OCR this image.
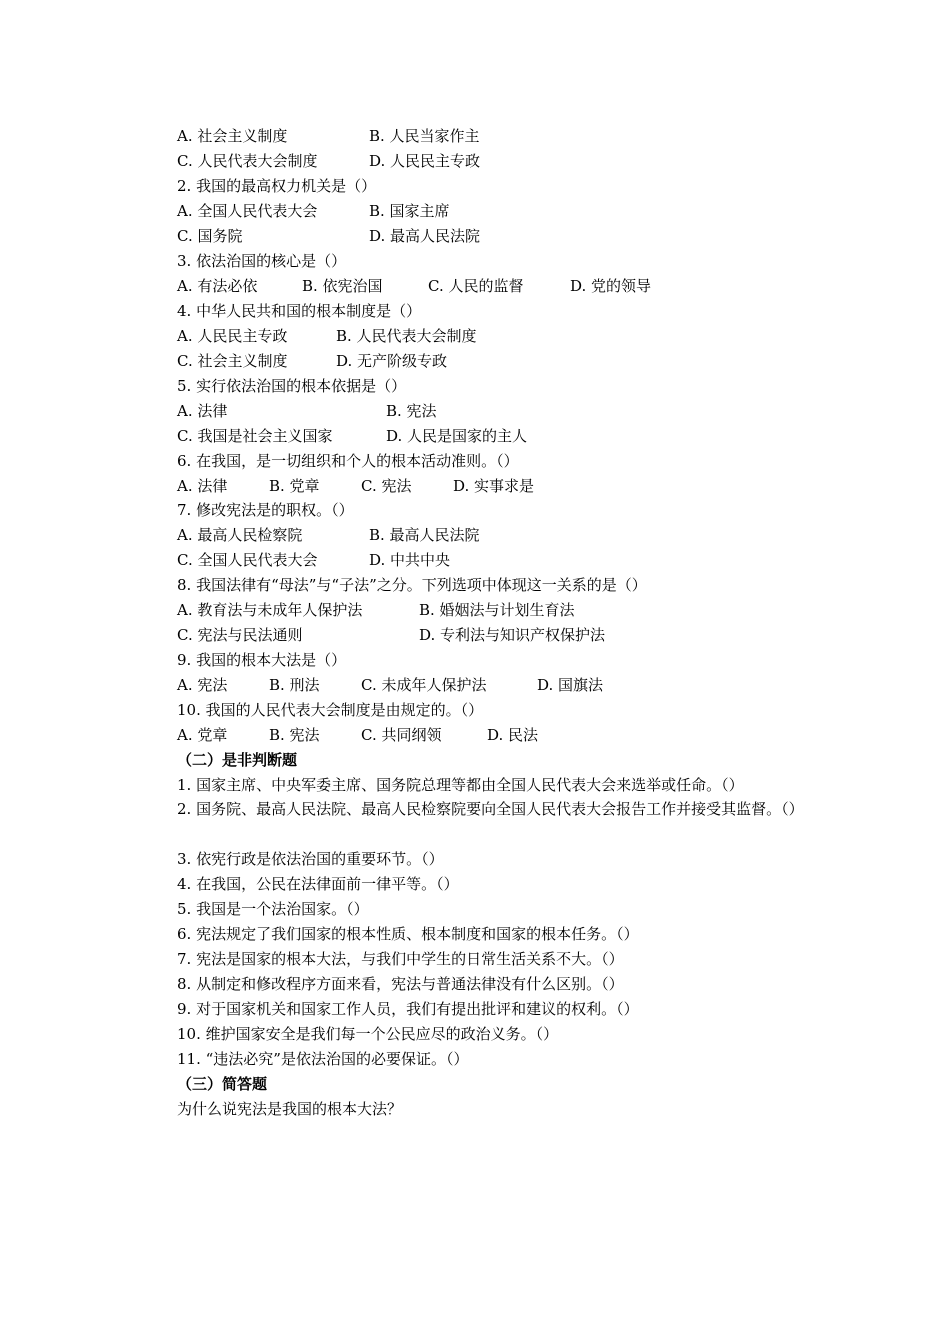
A. 社会主义制度	B. 人民当家作主
C. 人民代表大会制度	D. 人民民主专政
2. 我国的最高权力机关是（）
A. 全国人民代表大会	B. 国家主席
C. 国务院	D. 最高人民法院
3. 依法治国的核心是（）
A. 有法必依	B. 依宪治国	C. 人民的监督	D. 党的领导
4. 中华人民共和国的根本制度是（）
A. 人民民主专政	B. 人民代表大会制度
C. 社会主义制度	D. 无产阶级专政
5. 实行依法治国的根本依据是（）
A. 法律	B. 宪法
C. 我国是社会主义国家	D. 人民是国家的主人
6. 在我国，是一切组织和个人的根本活动准则。（）
A. 法律	B. 党章	C. 宪法	D. 实事求是
7. 修改宪法是的职权。（）
A. 最高人民检察院	B. 最高人民法院
C. 全国人民代表大会	D. 中共中央
8. 我国法律有“母法”与“子法”之分。下列选项中体现这一关系的是（）
A. 教育法与未成年人保护法	B. 婚姻法与计划生育法
C. 宪法与民法通则	D. 专利法与知识产权保护法
9. 我国的根本大法是（）
A. 宪法	B. 刑法	C. 未成年人保护法	D. 国旗法
10. 我国的人民代表大会制度是由规定的。（）
A. 党章	B. 宪法	C. 共同纲领	D. 民法
（二）是非判断题
1. 国家主席、中央军委主席、国务院总理等都由全国人民代表大会来选举或任命。（）
2. 国务院、最高人民法院、最高人民检察院要向全国人民代表大会报告工作并接受其监督。（）
3. 依宪行政是依法治国的重要环节。（）
4. 在我国，公民在法律面前一律平等。（）
5. 我国是一个法治国家。（）
6. 宪法规定了我们国家的根本性质、根本制度和国家的根本任务。（）
7. 宪法是国家的根本大法，与我们中学生的日常生活关系不大。（）
8. 从制定和修改程序方面来看，宪法与普通法律没有什么区别。（）
9. 对于国家机关和国家工作人员，我们有提出批评和建议的权利。（）
10. 维护国家安全是我们每一个公民应尽的政治义务。（）
11. “违法必究”是依法治国的必要保证。（）
（三）简答题
为什么说宪法是我国的根本大法？
